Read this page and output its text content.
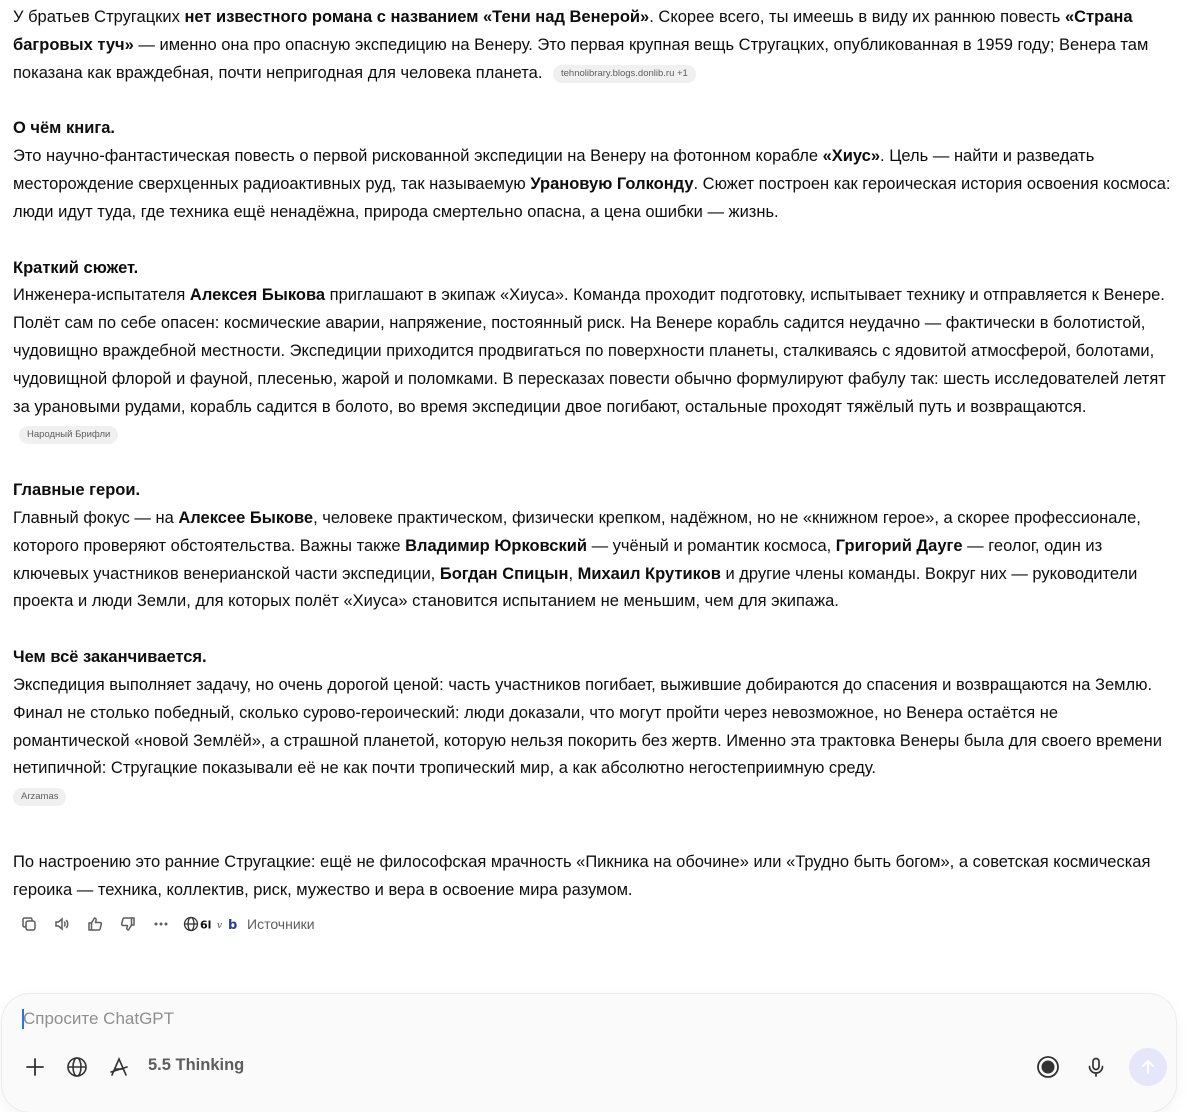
У братьев Стругацких нет известного романа с названием «Тени над Венерой». Скорее всего, ты имеешь в виду их раннюю повесть «Страна багровых туч» — именно она про опасную экспедицию на Венеру. Это первая крупная вещь Стругацких, опубликованная в 1959 году; Венера там показана как враждебная, почти непригодная для человека планета. tehnolibrary.blogs.donlib.ru +1

О чём книга.
Это научно-фантастическая повесть о первой рискованной экспедиции на Венеру на фотонном корабле «Хиус». Цель — найти и разведать месторождение сверхценных радиоактивных руд, так называемую Урановую Голконду. Сюжет построен как героическая история освоения космоса: люди идут туда, где техника ещё ненадёжна, природа смертельно опасна, а цена ошибки — жизнь.

Краткий сюжет.
Инженера-испытателя Алексея Быкова приглашают в экипаж «Хиуса». Команда проходит подготовку, испытывает технику и отправляется к Венере. Полёт сам по себе опасен: космические аварии, напряжение, постоянный риск. На Венере корабль садится неудачно — фактически в болотистой, чудовищно враждебной местности. Экспедиции приходится продвигаться по поверхности планеты, сталкиваясь с ядовитой атмосферой, болотами, чудовищной флорой и фауной, плесенью, жарой и поломками. В пересказах повести обычно формулируют фабулу так: шесть исследователей летят за урановыми рудами, корабль садится в болото, во время экспедиции двое погибают, остальные проходят тяжёлый путь и возвращаются. Народный Брифли

Главные герои.
Главный фокус — на Алексее Быкове, человеке практическом, физически крепком, надёжном, но не «книжном герое», а скорее профессионале, которого проверяют обстоятельства. Важны также Владимир Юрковский — учёный и романтик космоса, Григорий Дауге — геолог, один из ключевых участников венерианской части экспедиции, Богдан Спицын, Михаил Крутиков и другие члены команды. Вокруг них — руководители проекта и люди Земли, для которых полёт «Хиуса» становится испытанием не меньшим, чем для экипажа.

Чем всё заканчивается.
Экспедиция выполняет задачу, но очень дорогой ценой: часть участников погибает, выжившие добираются до спасения и возвращаются на Землю. Финал не столько победный, сколько сурово-героический: люди доказали, что могут пройти через невозможное, но Венера остаётся не романтической «новой Землёй», а страшной планетой, которую нельзя покорить без жертв. Именно эта трактовка Венеры была для своего времени нетипичной: Стругацкие показывали её не как почти тропический мир, а как абсолютно негостеприимную среду.
Arzamas

По настроению это ранние Стругацкие: ещё не философская мрачность «Пикника на обочине» или «Трудно быть богом», а советская космическая героика — техника, коллектив, риск, мужество и вера в освоение мира разумом.

6l v b Источники
Спросите ChatGPT
5.5 Thinking
